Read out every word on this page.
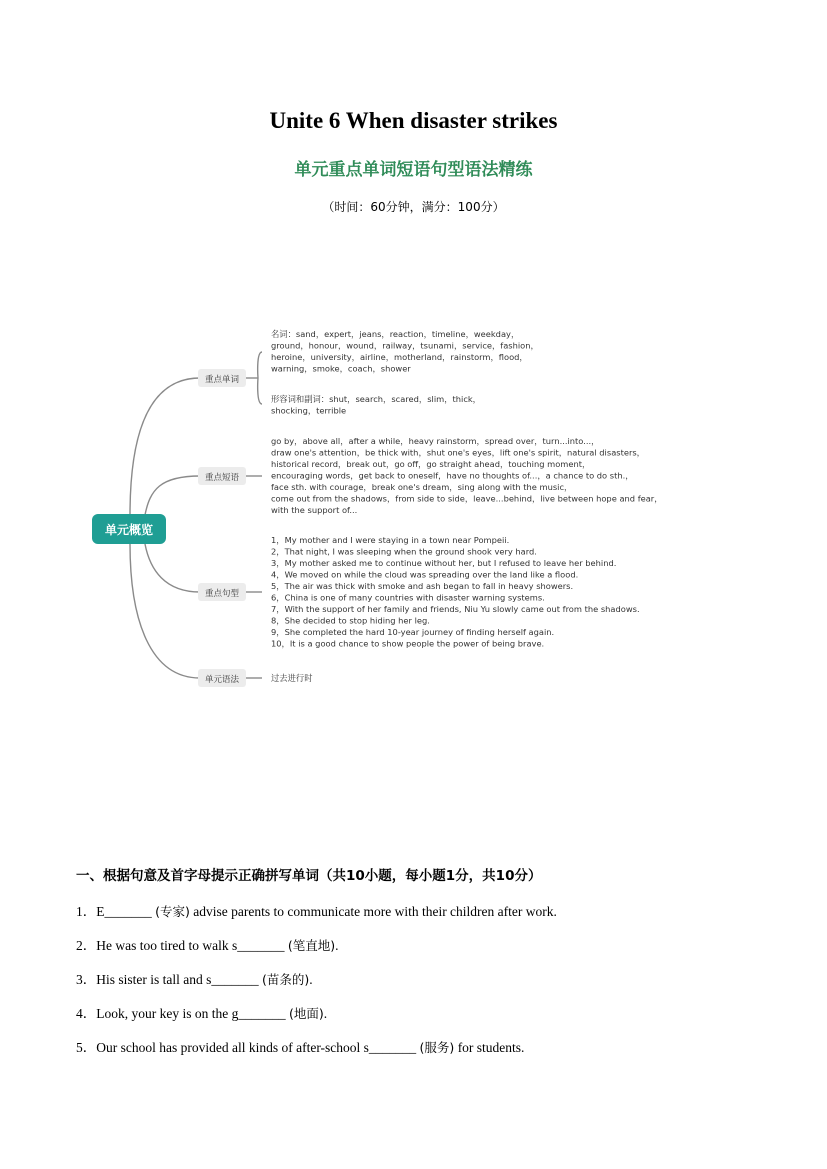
Unite 6 When disaster strikes
单元重点单词短语句型语法精练
（时间：60分钟，满分：100分）
单元概览
重点单词
重点短语
重点句型
单元语法
名词：sand，expert，jeans，reaction，timeline，weekday，
ground，honour，wound，railway，tsunami，service，fashion，
heroine，university，airline，motherland，rainstorm，flood，
warning，smoke，coach，shower
形容词和副词：shut，search，scared，slim，thick，
shocking，terrible
go by，above all，after a while，heavy rainstorm，spread over，turn...into...，
draw one's attention，be thick with，shut one's eyes，lift one's spirit，natural disasters，
historical record，break out，go off，go straight ahead，touching moment，
encouraging words，get back to oneself，have no thoughts of...，a chance to do sth.，
face sth. with courage，break one's dream，sing along with the music，
come out from the shadows，from side to side，leave...behind，live between hope and fear，
with the support of...
1，My mother and I were staying in a town near Pompeii.
2，That night, I was sleeping when the ground shook very hard.
3，My mother asked me to continue without her, but I refused to leave her behind.
4，We moved on while the cloud was spreading over the land like a flood.
5，The air was thick with smoke and ash began to fall in heavy showers.
6，China is one of many countries with disaster warning systems.
7，With the support of her family and friends, Niu Yu slowly came out from the shadows.
8，She decided to stop hiding her leg.
9，She completed the hard 10-year journey of finding herself again.
10，It is a good chance to show people the power of being brave.
过去进行时
一、根据句意及首字母提示正确拼写单词（共10小题，每小题1分，共10分）
1．E_______ (专家) advise parents to communicate more with their children after work.
2．He was too tired to walk s_______ (笔直地).
3．His sister is tall and s_______ (苗条的).
4．Look, your key is on the g_______ (地面).
5．Our school has provided all kinds of after-school s_______ (服务) for students.
